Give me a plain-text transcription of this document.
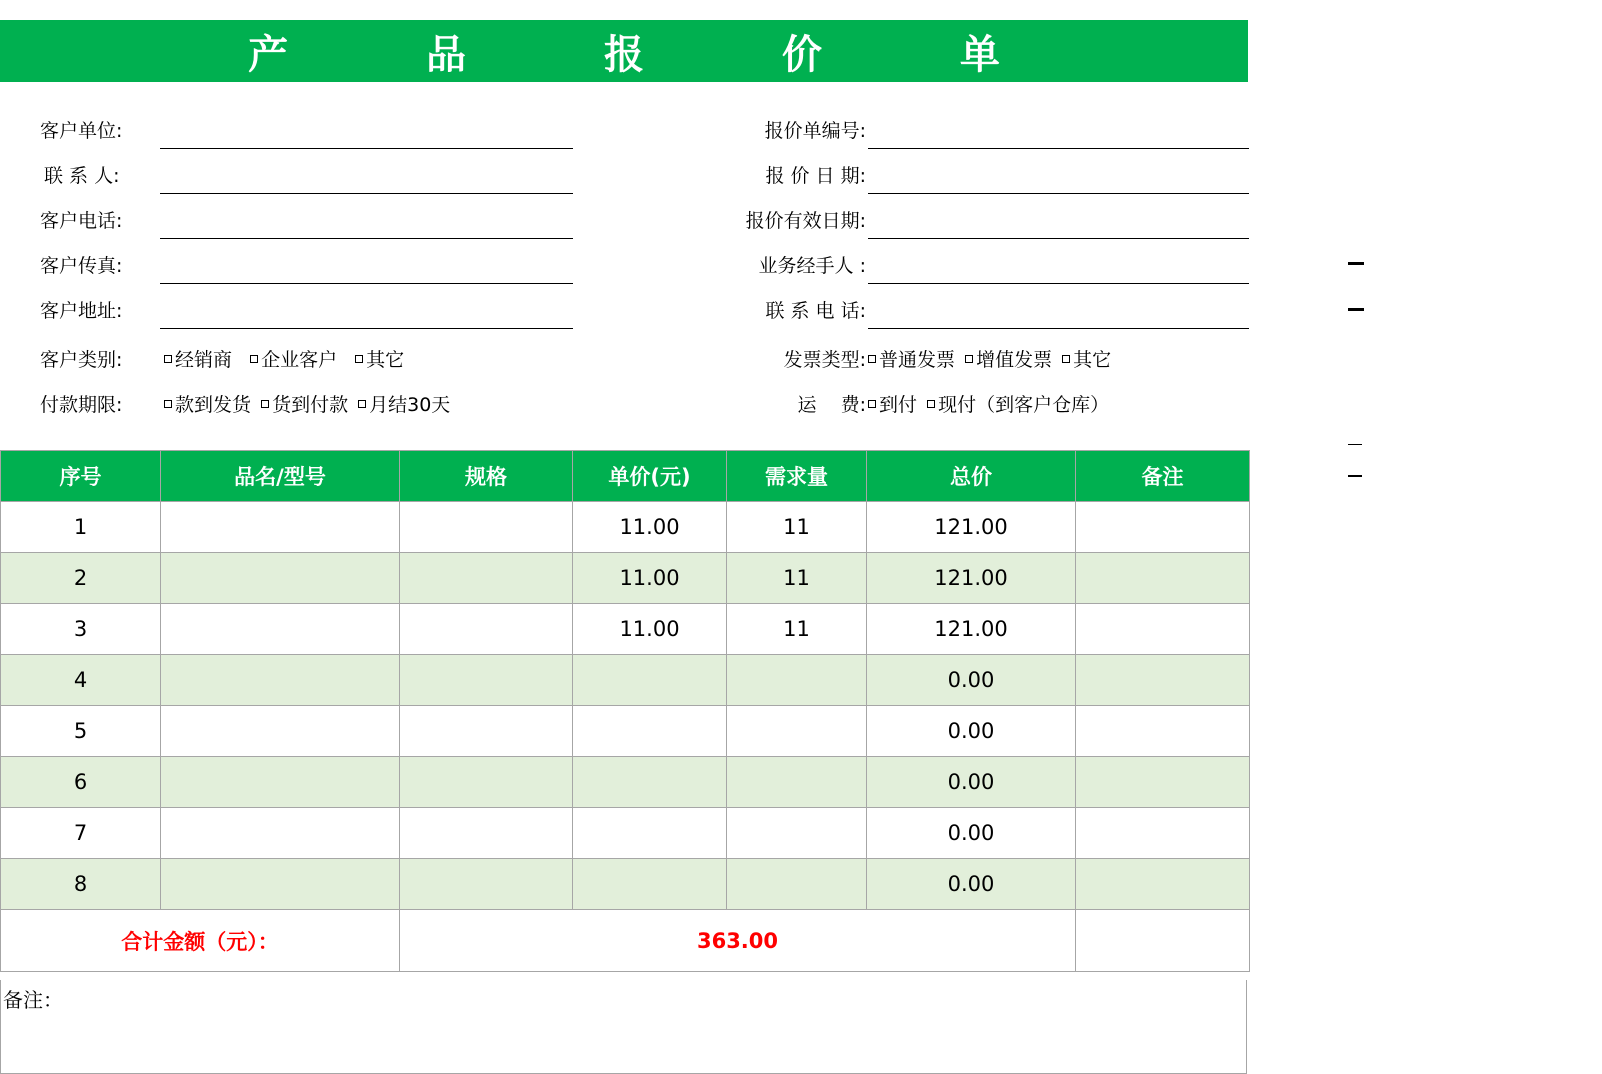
产 品 报 价 单
客户单位:
联 系 人:
客户电话:
客户传真:
客户地址:
报价单编号:
报 价 日 期:
报价有效日期:
业务经手人 :
联 系 电 话:
客户类别:	经销商 企业客户 其它
付款期限:	款到发货 货到付款 月结30天
发票类型: 普通发票 增值发票 其它
运    费: 到付 现付（到客户仓库）
序号	品名/型号	规格	单价(元)	需求量	总价	备注
1			11.00	11	121.00	
2			11.00	11	121.00	
3			11.00	11	121.00	
4					0.00	
5					0.00	
6					0.00	
7					0.00	
8					0.00	
合计金额（元）：		363.00				
备注：
